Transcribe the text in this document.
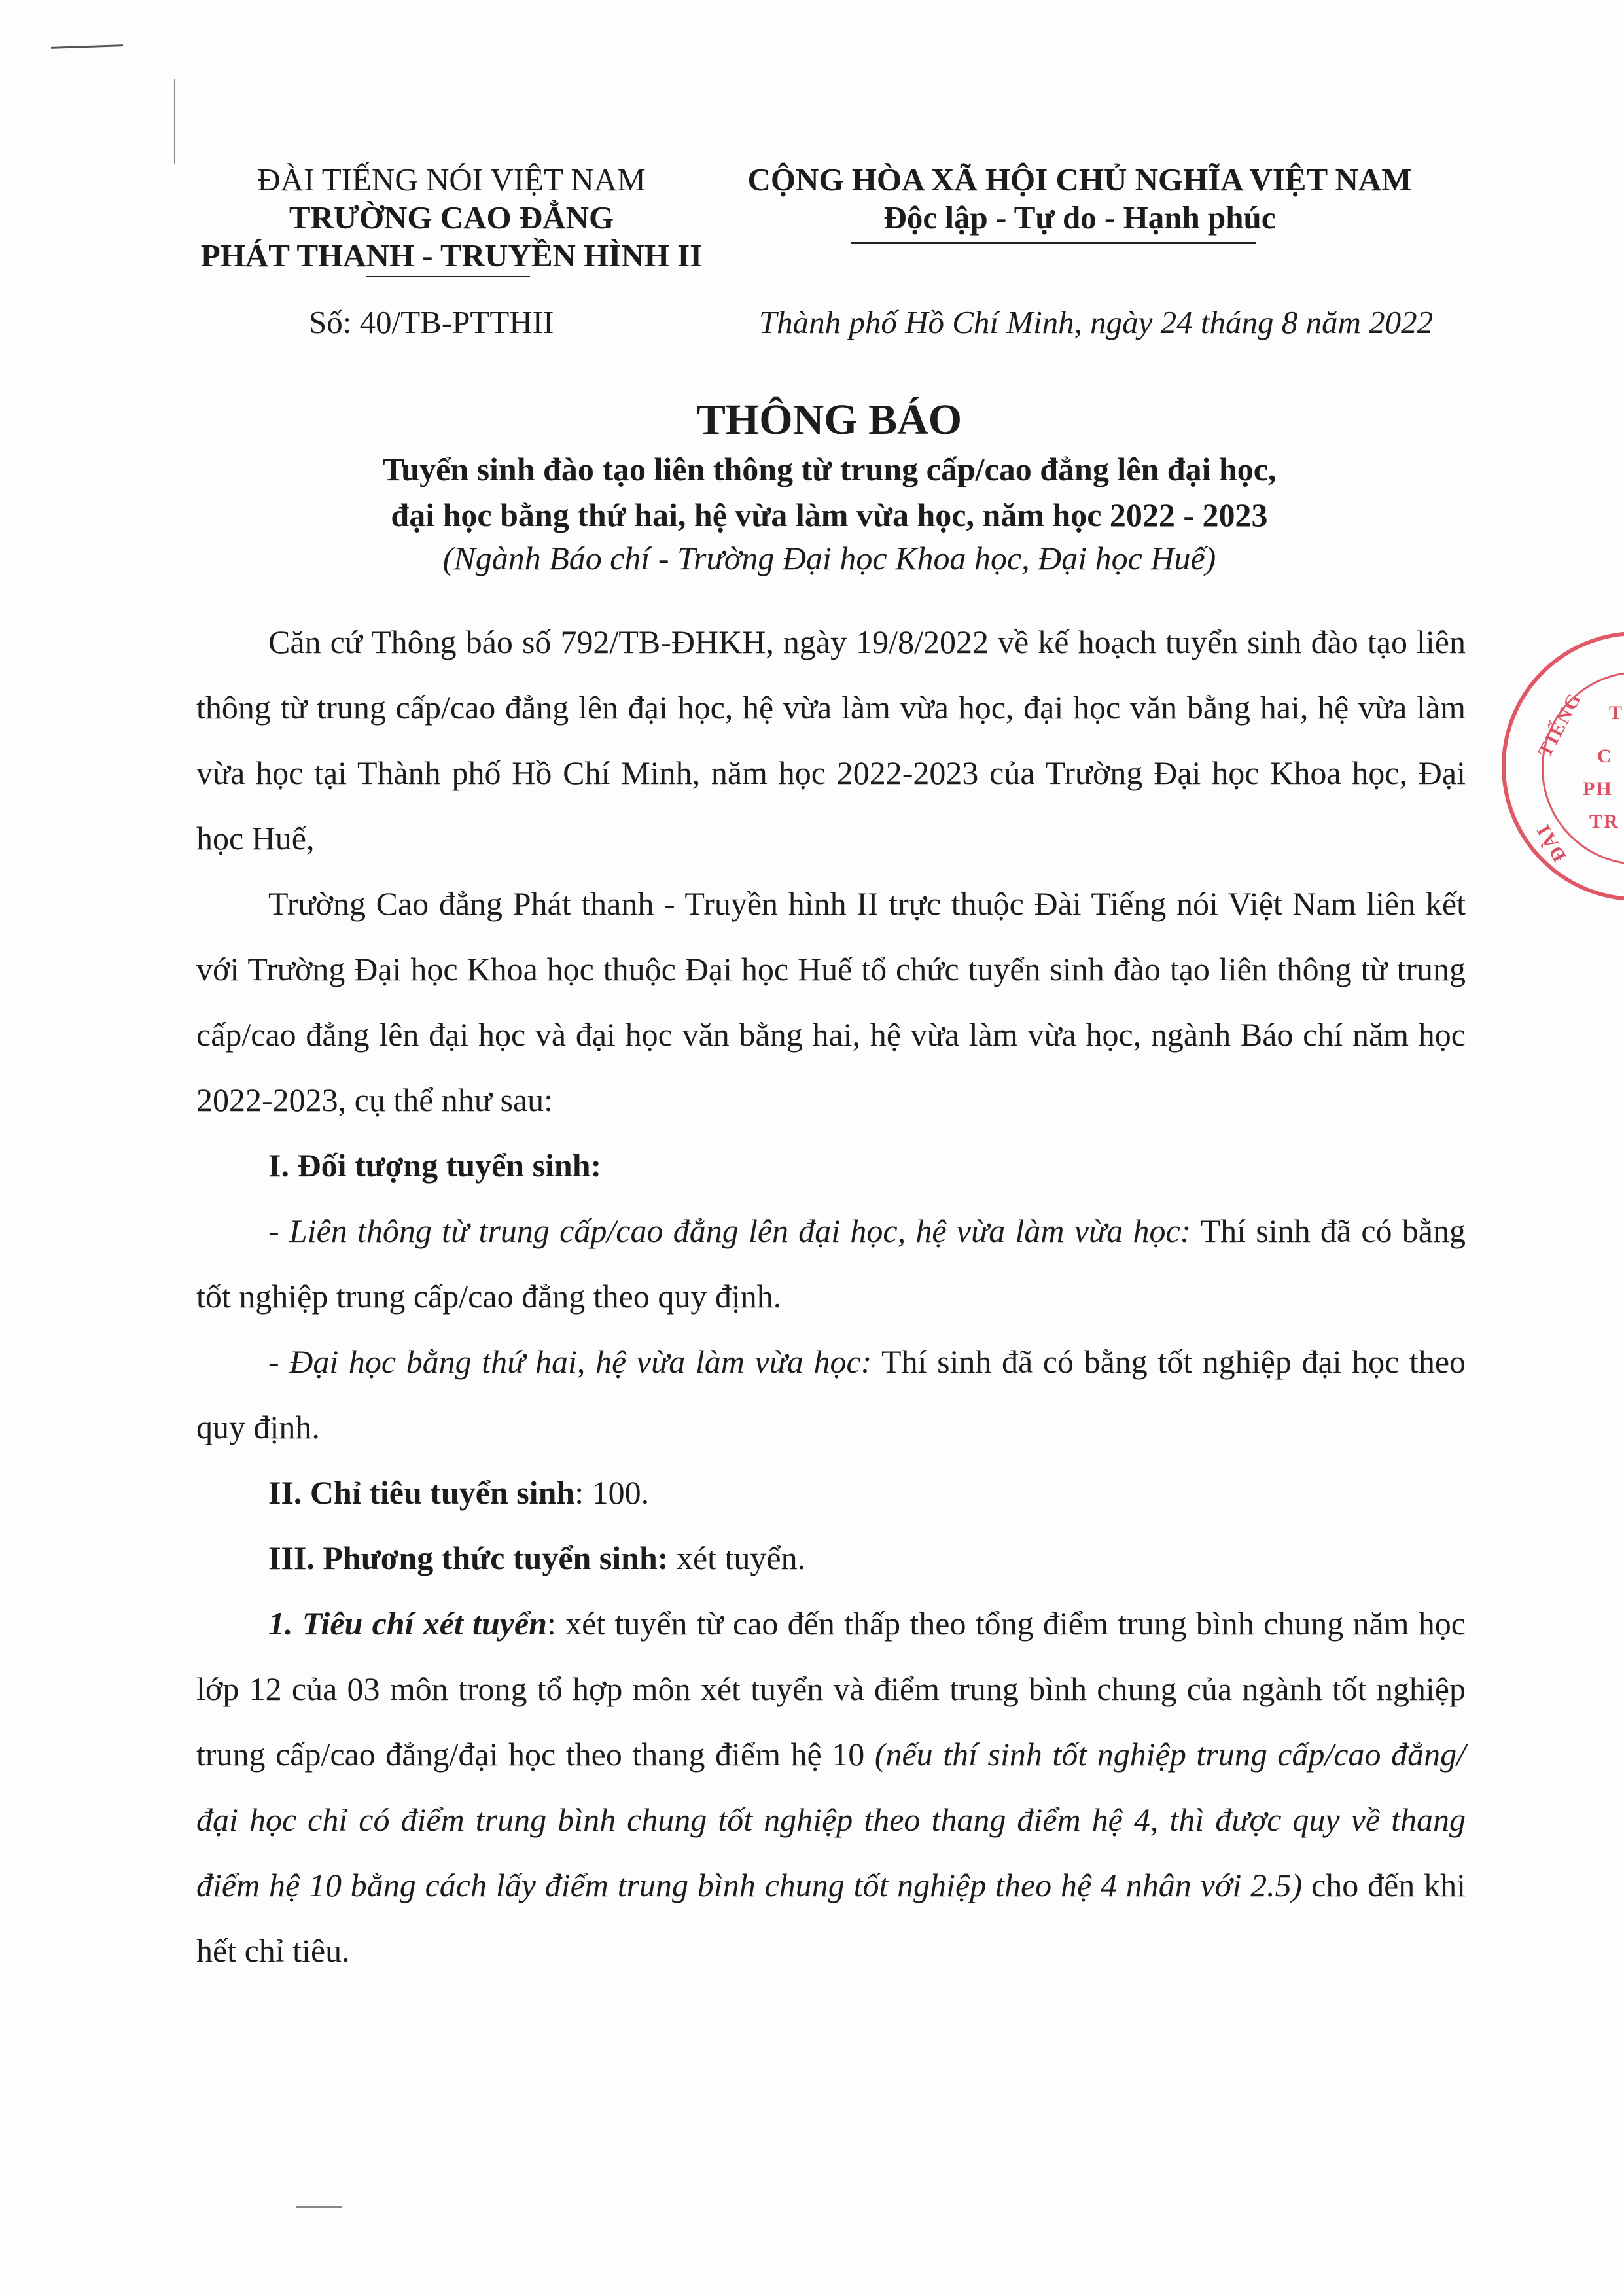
ĐÀI TIẾNG NÓI VIỆT NAM
TRƯỜNG CAO ĐẲNG
PHÁT THANH - TRUYỀN HÌNH II
CỘNG HÒA XÃ HỘI CHỦ NGHĨA VIỆT NAM
Độc lập - Tự do - Hạnh phúc
Số: 40/TB-PTTHII	Thành phố Hồ Chí Minh, ngày 24 tháng 8 năm 2022
THÔNG BÁO
Tuyển sinh đào tạo liên thông từ trung cấp/cao đẳng lên đại học,
đại học bằng thứ hai, hệ vừa làm vừa học, năm học 2022 - 2023
(Ngành Báo chí - Trường Đại học Khoa học, Đại học Huế)

Căn cứ Thông báo số 792/TB-ĐHKH, ngày 19/8/2022 về kế hoạch tuyển sinh đào tạo liên thông từ trung cấp/cao đẳng lên đại học, hệ vừa làm vừa học, đại học văn bằng hai, hệ vừa làm vừa học tại Thành phố Hồ Chí Minh, năm học 2022-2023 của Trường Đại học Khoa học, Đại học Huế,

Trường Cao đẳng Phát thanh - Truyền hình II trực thuộc Đài Tiếng nói Việt Nam liên kết với Trường Đại học Khoa học thuộc Đại học Huế tổ chức tuyển sinh đào tạo liên thông từ trung cấp/cao đẳng lên đại học và đại học văn bằng hai, hệ vừa làm vừa học, ngành Báo chí năm học 2022-2023, cụ thể như sau:

I. Đối tượng tuyển sinh:

- Liên thông từ trung cấp/cao đẳng lên đại học, hệ vừa làm vừa học: Thí sinh đã có bằng tốt nghiệp trung cấp/cao đẳng theo quy định.

- Đại học bằng thứ hai, hệ vừa làm vừa học: Thí sinh đã có bằng tốt nghiệp đại học theo quy định.

II. Chỉ tiêu tuyển sinh: 100.
III. Phương thức tuyển sinh: xét tuyển.

1. Tiêu chí xét tuyển: xét tuyển từ cao đến thấp theo tổng điểm trung bình chung năm học lớp 12 của 03 môn trong tổ hợp môn xét tuyển và điểm trung bình chung của ngành tốt nghiệp trung cấp/cao đẳng/đại học theo thang điểm hệ 10 (nếu thí sinh tốt nghiệp trung cấp/cao đẳng/đại học chỉ có điểm trung bình chung tốt nghiệp theo thang điểm hệ 4, thì được quy về thang điểm hệ 10 bằng cách lấy điểm trung bình chung tốt nghiệp theo hệ 4 nhân với 2.5) cho đến khi hết chỉ tiêu.

TIẾNG T
C
PH
TR
ĐÀI
